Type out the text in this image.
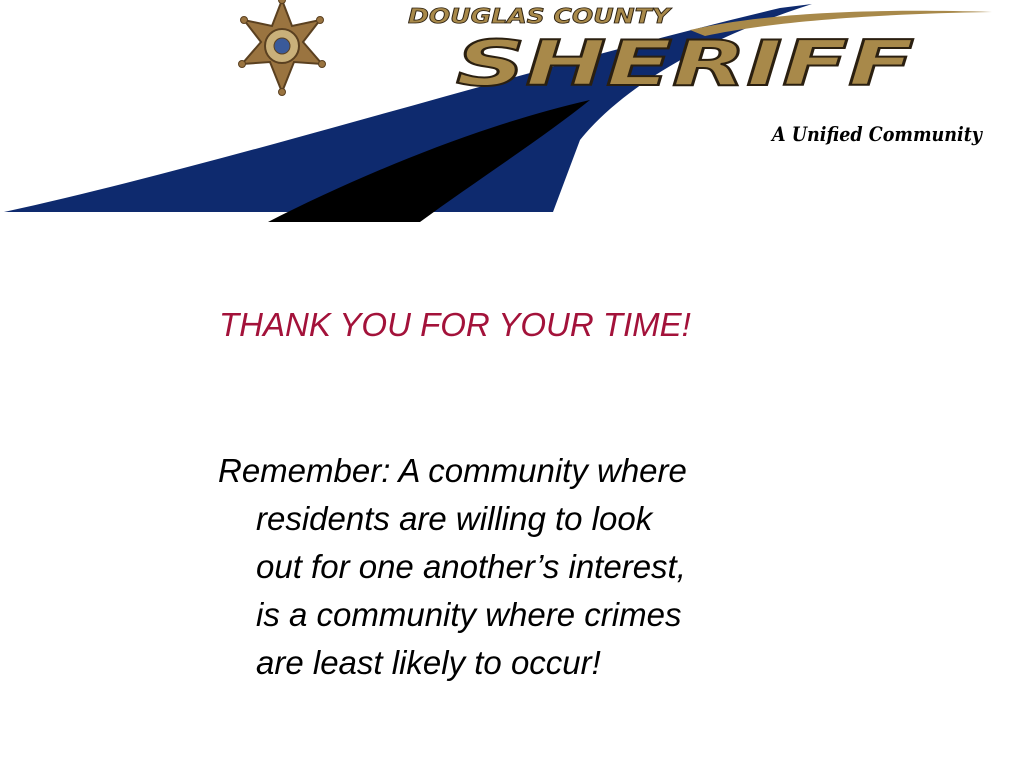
DOUGLAS COUNTY
SHERIFF
A Unified Community
THANK YOU FOR YOUR TIME!
Remember: A community where
residents are willing to look
out for one another’s interest,
is a community where crimes
are least likely to occur!
